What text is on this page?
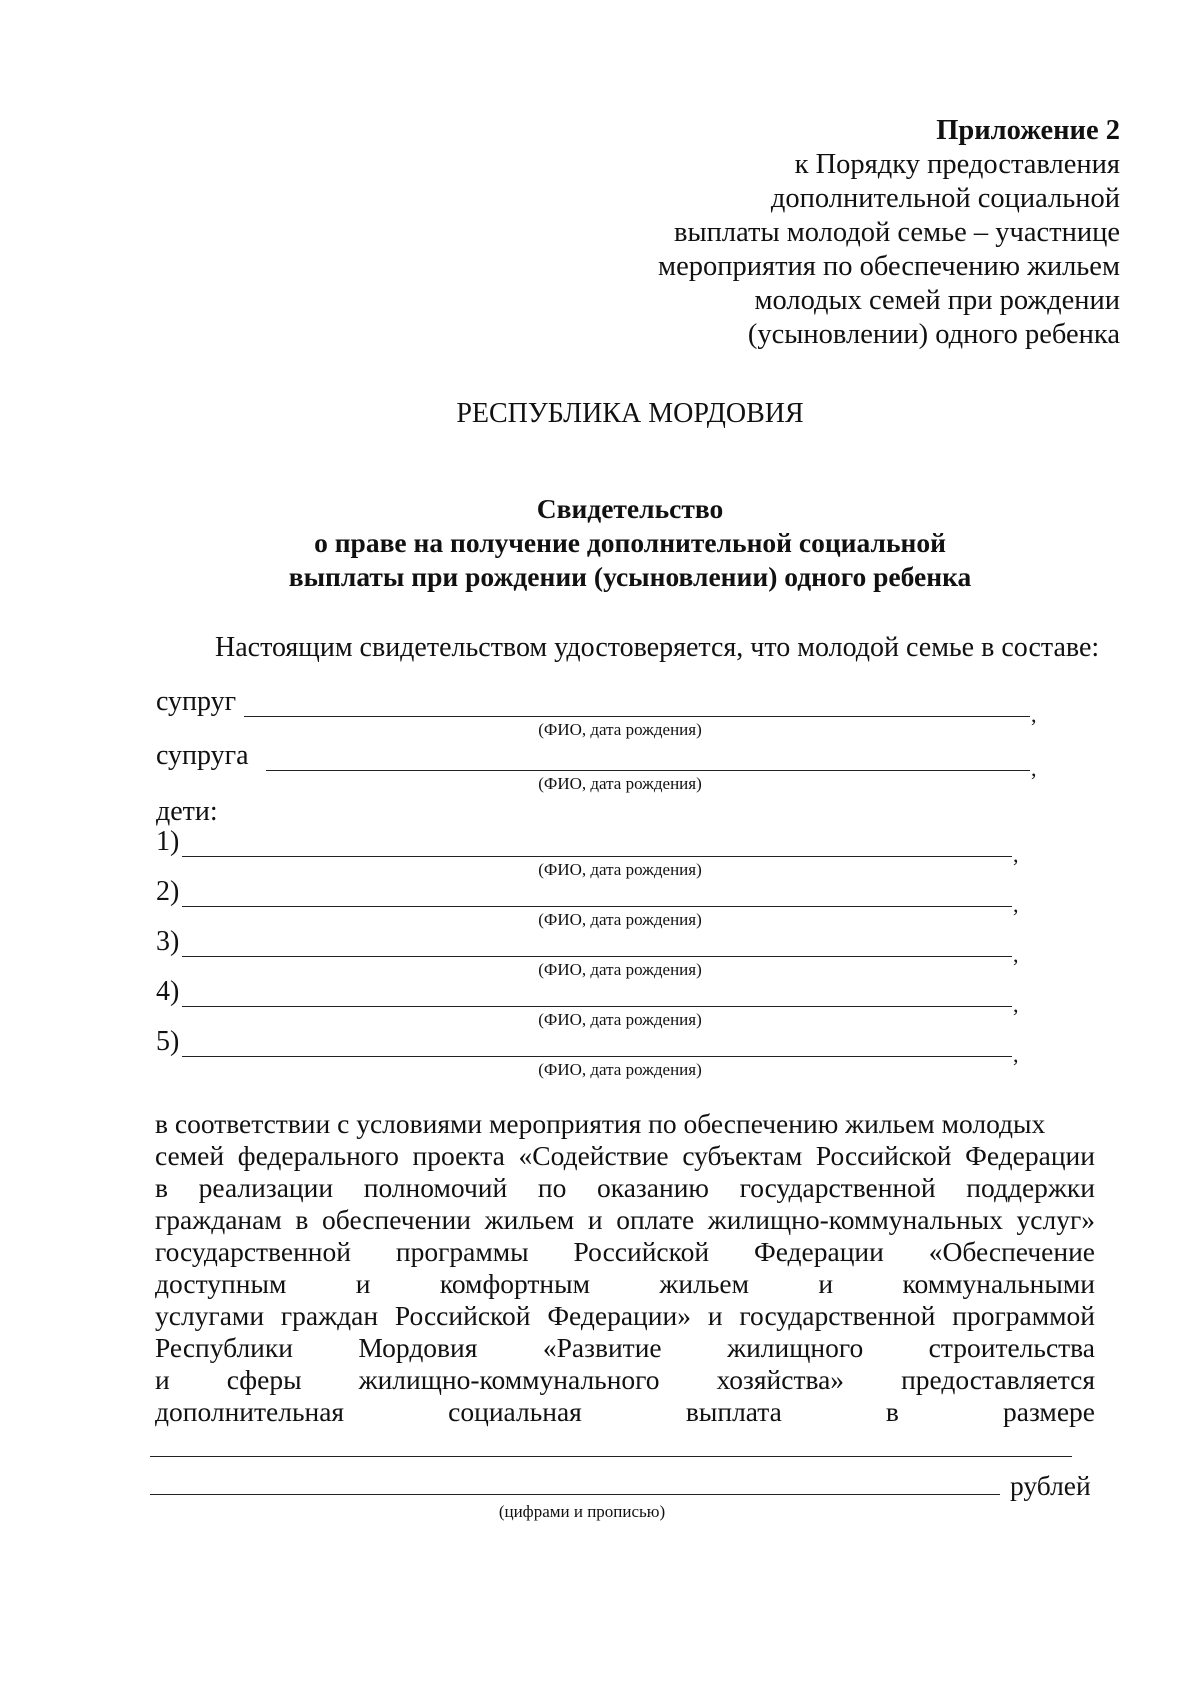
Приложение 2
к Порядку предоставления
дополнительной социальной
выплаты молодой семье – участнице
мероприятия по обеспечению жильем
молодых семей при рождении
(усыновлении) одного ребенка
РЕСПУБЛИКА МОРДОВИЯ
Свидетельство
о праве на получение дополнительной социальной
выплаты при рождении (усыновлении) одного ребенка
Настоящим свидетельством удостоверяется, что молодой семье в составе:
супруг	,
(ФИО, дата рождения)
супруга	,
(ФИО, дата рождения)
дети:
1)	,
(ФИО, дата рождения)
2)	,
(ФИО, дата рождения)
3)	,
(ФИО, дата рождения)
4)	,
(ФИО, дата рождения)
5)	,
(ФИО, дата рождения)
в соответствии с условиями мероприятия по обеспечению жильем молодых
семей федерального проекта «Содействие субъектам Российской Федерации
в реализации полномочий по оказанию государственной поддержки
гражданам в обеспечении жильем и оплате жилищно-коммунальных услуг»
государственной программы Российской Федерации «Обеспечение
доступным и комфортным жильем и коммунальными
услугами граждан Российской Федерации» и государственной программой
Республики Мордовия «Развитие жилищного строительства
и сферы жилищно-коммунального хозяйства» предоставляется
дополнительная социальная выплата в размере
рублей
(цифрами и прописью)
